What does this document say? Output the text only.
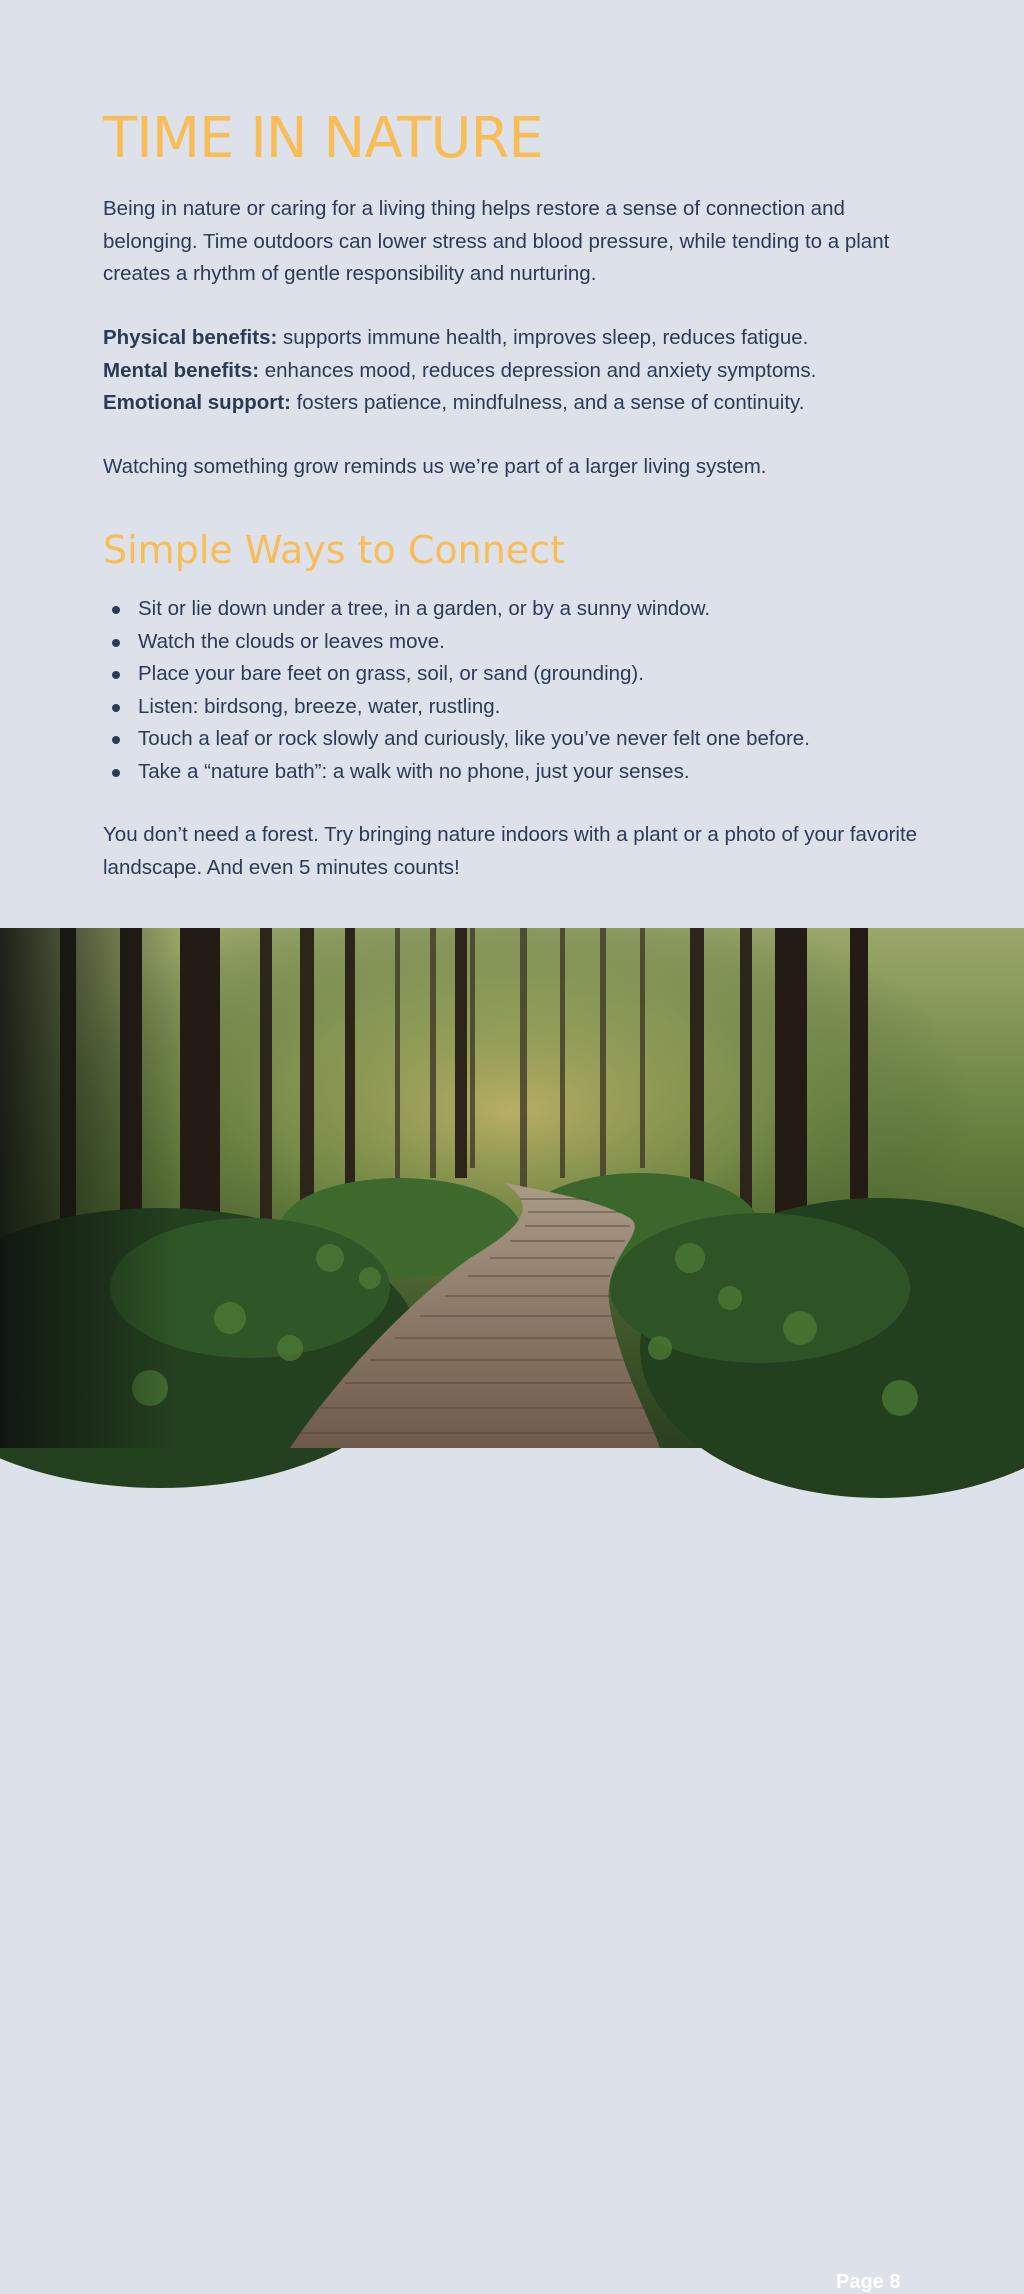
TIME IN NATURE

Being in nature or caring for a living thing helps restore a sense of connection and belonging. Time outdoors can lower stress and blood pressure, while tending to a plant creates a rhythm of gentle responsibility and nurturing.

Physical benefits: supports immune health, improves sleep, reduces fatigue.

Mental benefits: enhances mood, reduces depression and anxiety symptoms.

Emotional support: fosters patience, mindfulness, and a sense of continuity.

Watching something grow reminds us we’re part of a larger living system.

Simple Ways to Connect
Sit or lie down under a tree, in a garden, or by a sunny window.
Watch the clouds or leaves move.
Place your bare feet on grass, soil, or sand (grounding).
Listen: birdsong, breeze, water, rustling.
Touch a leaf or rock slowly and curiously, like you’ve never felt one before.
Take a “nature bath”: a walk with no phone, just your senses.

You don’t need a forest. Try bringing nature indoors with a plant or a photo of your favorite landscape. And even 5 minutes counts!

Page 8
